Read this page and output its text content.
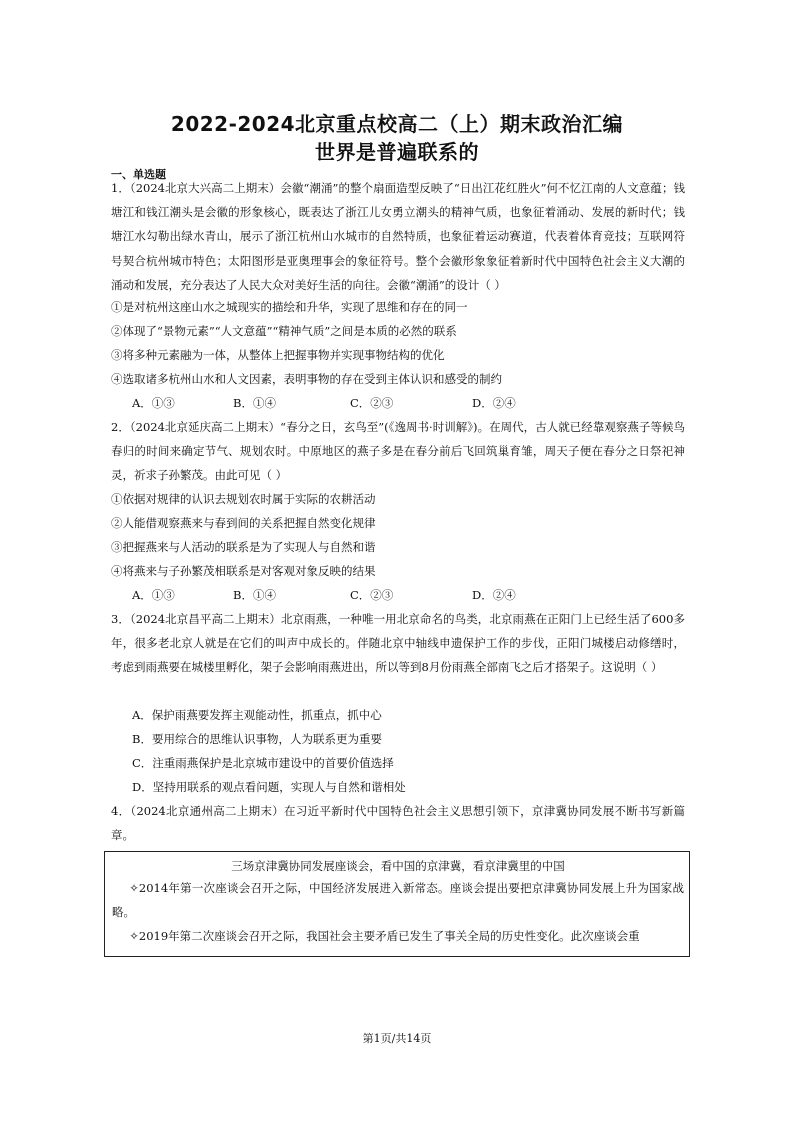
2022-2024北京重点校高二（上）期末政治汇编
世界是普遍联系的
一、单选题

1．（2024北京大兴高二上期末）会徽“潮涌”的整个扇面造型反映了“日出江花红胜火”何不忆江南的人文意蕴；钱塘江和钱江潮头是会徽的形象核心，既表达了浙江儿女勇立潮头的精神气质，也象征着涌动、发展的新时代；钱塘江水勾勒出绿水青山，展示了浙江杭州山水城市的自然特质，也象征着运动赛道，代表着体育竞技；互联网符号契合杭州城市特色；太阳图形是亚奥理事会的象征符号。整个会徽形象象征着新时代中国特色社会主义大潮的涌动和发展，充分表达了人民大众对美好生活的向往。会徽“潮涌”的设计（ ）

①是对杭州这座山水之城现实的描绘和升华，实现了思维和存在的同一
②体现了“景物元素”“人文意蕴”“精神气质”之间是本质的必然的联系
③将多种元素融为一体，从整体上把握事物并实现事物结构的优化
④选取诸多杭州山水和人文因素，表明事物的存在受到主体认识和感受的制约
A．①③	B．①④	C．②③	D．②④

2．（2024北京延庆高二上期末）“春分之日，玄鸟至”(《逸周书·时训解》)。在周代，古人就已经靠观察燕子等候鸟春归的时间来确定节气、规划农时。中原地区的燕子多是在春分前后飞回筑巢育雏，周天子便在春分之日祭祀神灵，祈求子孙繁茂。由此可见（ ）

①依据对规律的认识去规划农时属于实际的农耕活动
②人能借观察燕来与春到间的关系把握自然变化规律
③把握燕来与人活动的联系是为了实现人与自然和谐
④将燕来与子孙繁茂相联系是对客观对象反映的结果
A．①③	B．①④	C．②③	D．②④

3．（2024北京昌平高二上期末）北京雨燕，一种唯一用北京命名的鸟类，北京雨燕在正阳门上已经生活了600多年，很多老北京人就是在它们的叫声中成长的。伴随北京中轴线申遗保护工作的步伐，正阳门城楼启动修缮时，考虑到雨燕要在城楼里孵化，架子会影响雨燕进出，所以等到8月份雨燕全部南飞之后才搭架子。这说明（ ）

A．保护雨燕要发挥主观能动性，抓重点，抓中心
B．要用综合的思维认识事物，人为联系更为重要
C．注重雨燕保护是北京城市建设中的首要价值选择
D．坚持用联系的观点看问题，实现人与自然和谐相处

4．（2024北京通州高二上期末）在习近平新时代中国特色社会主义思想引领下，京津冀协同发展不断书写新篇章。

三场京津冀协同发展座谈会，看中国的京津冀，看京津冀里的中国

✧2014年第一次座谈会召开之际，中国经济发展进入新常态。座谈会提出要把京津冀协同发展上升为国家战略。

✧2019年第二次座谈会召开之际，我国社会主要矛盾已发生了事关全局的历史性变化。此次座谈会重

第1页/共14页
